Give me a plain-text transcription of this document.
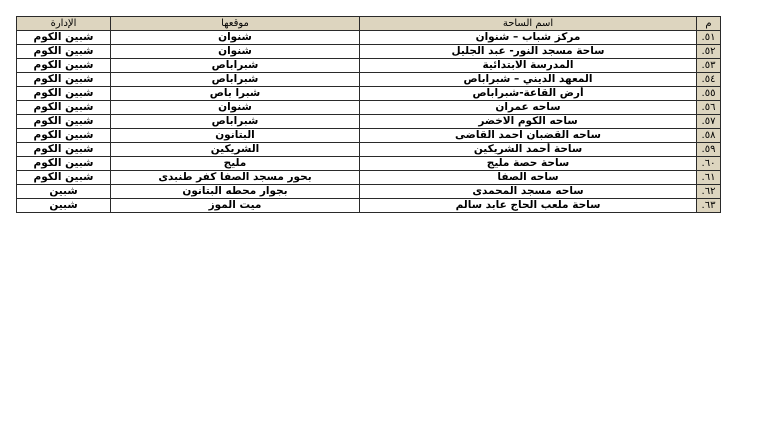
م	اسم الساحة	موقعها	الإدارة
٥١.	مركز شباب – شنوان	شنوان	شبين الكوم
٥٢.	ساحة مسجد النور- عبد الجليل	شنوان	شبين الكوم
٥٣.	المدرسة الابتدائية	شبراباص	شبين الكوم
٥٤.	المعهد الديني – شبراباص	شبراباص	شبين الكوم
٥٥.	أرض القاعة-شبراباص	شبرا باص	شبين الكوم
٥٦.	ساحه عمران	شنوان	شبين الكوم
٥٧.	ساحه الكوم الاخضر	شبراباص	شبين الكوم
٥٨.	ساحه القضبان احمد القاضى	البتانون	شبين الكوم
٥٩.	ساحة أحمد الشريكين	الشريكين	شبين الكوم
٦٠.	ساحة حصة مليج	مليج	شبين الكوم
٦١.	ساحه الصفا	بحور مسجد الصفا كفر طنبدى	شبين الكوم
٦٢.	ساحه مسجد المحمدى	بجوار محطه البتانون	شبين
٦٣.	ساحة ملعب الحاج عابد سالم	ميت الموز	شبين
